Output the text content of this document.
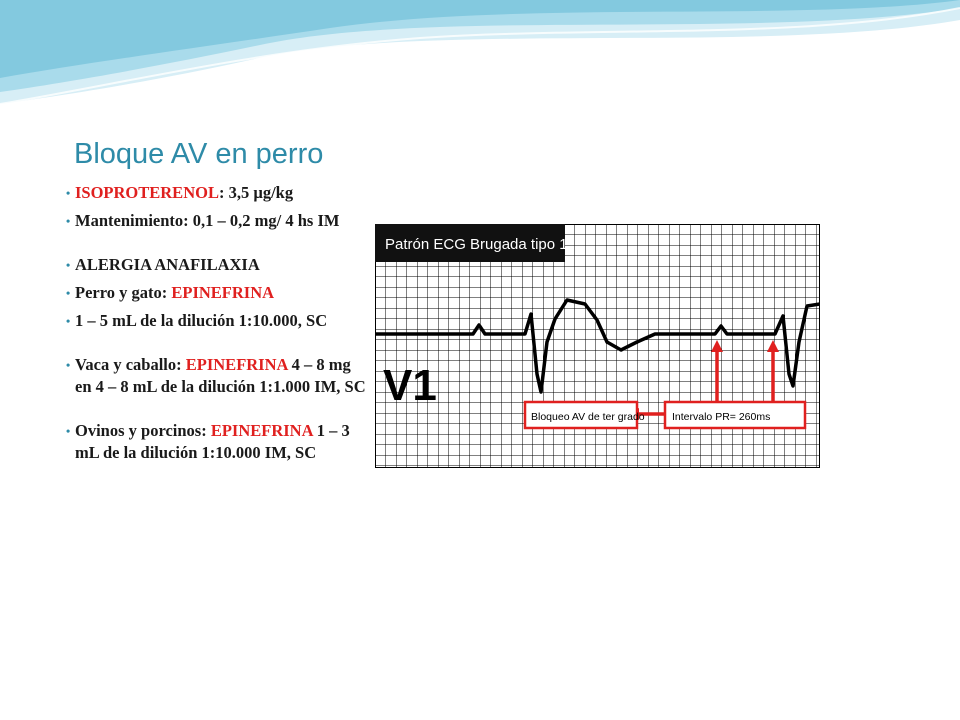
Bloque AV en perro
• ISOPROTERENOL: 3,5 µg/kg
• Mantenimiento: 0,1 – 0,2 mg/ 4 hs IM
• ALERGIA ANAFILAXIA
• Perro y gato: EPINEFRINA
• 1 – 5 mL de la dilución 1:10.000, SC
• Vaca y caballo: EPINEFRINA 4 – 8 mg en 4 – 8 mL de la dilución 1:1.000 IM, SC
• Ovinos y porcinos: EPINEFRINA 1 – 3 mL de la dilución 1:10.000 IM, SC
Patrón ECG Brugada tipo 1
V1
Bloqueo AV de ter grado	Intervalo PR= 260ms
